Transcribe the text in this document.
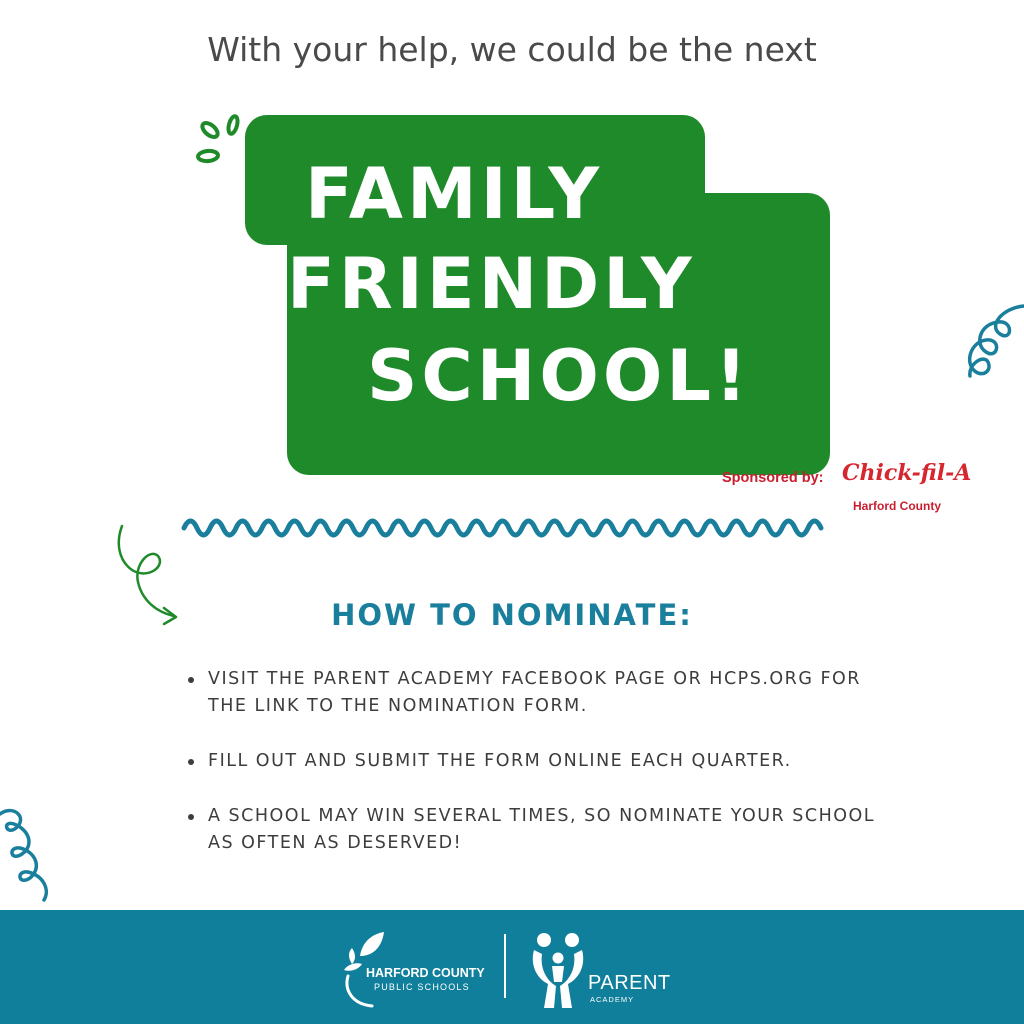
With your help, we could be the next

FAMILY

FRIENDLY

SCHOOL!

Sponsored by: Chick-fil-A
Harford County
HOW TO NOMINATE:
VISIT THE PARENT ACADEMY FACEBOOK PAGE OR HCPS.ORG FOR THE LINK TO THE NOMINATION FORM.
FILL OUT AND SUBMIT THE FORM ONLINE EACH QUARTER.
A SCHOOL MAY WIN SEVERAL TIMES, SO NOMINATE YOUR SCHOOL AS OFTEN AS DESERVED!
HARFORD COUNTY
PUBLIC SCHOOLS	PARENT
ACADEMY
